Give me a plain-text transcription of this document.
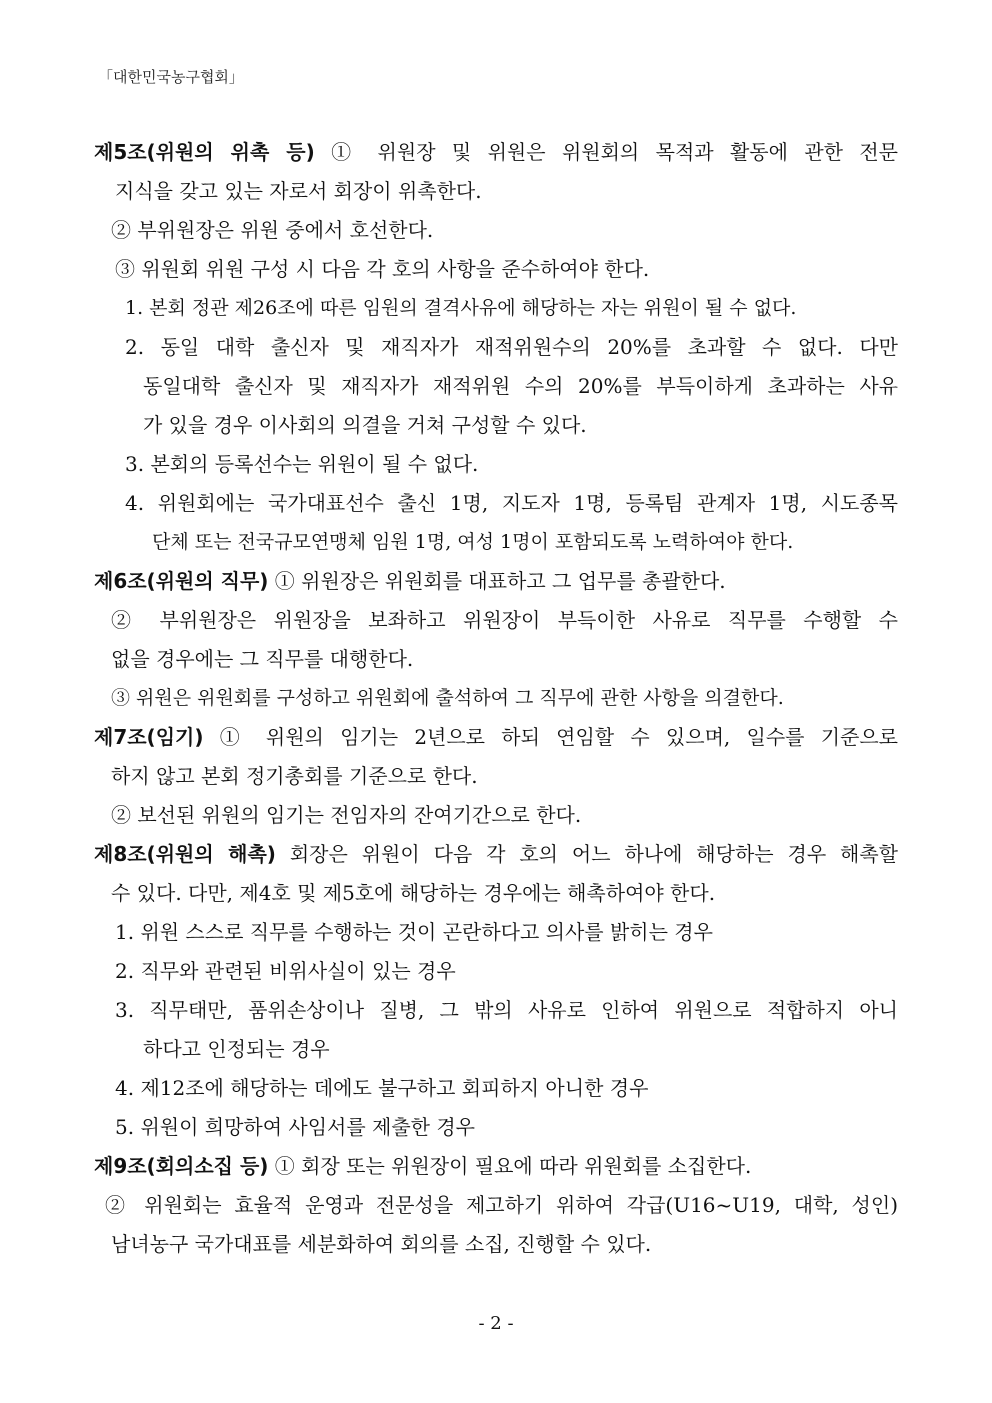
「대한민국농구협회」
제5조(위원의 위촉 등) ① 위원장 및 위원은 위원회의 목적과 활동에 관한 전문
지식을 갖고 있는 자로서 회장이 위촉한다.
② 부위원장은 위원 중에서 호선한다.
③ 위원회 위원 구성 시 다음 각 호의 사항을 준수하여야 한다.
1. 본회 정관 제26조에 따른 임원의 결격사유에 해당하는 자는 위원이 될 수 없다.
2. 동일 대학 출신자 및 재직자가 재적위원수의 20%를 초과할 수 없다. 다만
동일대학 출신자 및 재직자가 재적위원 수의 20%를 부득이하게 초과하는 사유
가 있을 경우 이사회의 의결을 거쳐 구성할 수 있다.
3. 본회의 등록선수는 위원이 될 수 없다.
4. 위원회에는 국가대표선수 출신 1명, 지도자 1명, 등록팀 관계자 1명, 시도종목
단체 또는 전국규모연맹체 임원 1명, 여성 1명이 포함되도록 노력하여야 한다.
제6조(위원의 직무) ① 위원장은 위원회를 대표하고 그 업무를 총괄한다.
② 부위원장은 위원장을 보좌하고 위원장이 부득이한 사유로 직무를 수행할 수
없을 경우에는 그 직무를 대행한다.
③ 위원은 위원회를 구성하고 위원회에 출석하여 그 직무에 관한 사항을 의결한다.
제7조(임기) ① 위원의 임기는 2년으로 하되 연임할 수 있으며, 일수를 기준으로
하지 않고 본회 정기총회를 기준으로 한다.
② 보선된 위원의 임기는 전임자의 잔여기간으로 한다.
제8조(위원의 해촉) 회장은 위원이 다음 각 호의 어느 하나에 해당하는 경우 해촉할
수 있다. 다만, 제4호 및 제5호에 해당하는 경우에는 해촉하여야 한다.
1. 위원 스스로 직무를 수행하는 것이 곤란하다고 의사를 밝히는 경우
2. 직무와 관련된 비위사실이 있는 경우
3. 직무태만, 품위손상이나 질병, 그 밖의 사유로 인하여 위원으로 적합하지 아니
하다고 인정되는 경우
4. 제12조에 해당하는 데에도 불구하고 회피하지 아니한 경우
5. 위원이 희망하여 사임서를 제출한 경우
제9조(회의소집 등) ① 회장 또는 위원장이 필요에 따라 위원회를 소집한다.
② 위원회는 효율적 운영과 전문성을 제고하기 위하여 각급(U16~U19, 대학, 성인)
남녀농구 국가대표를 세분화하여 회의를 소집, 진행할 수 있다.
- 2 -
